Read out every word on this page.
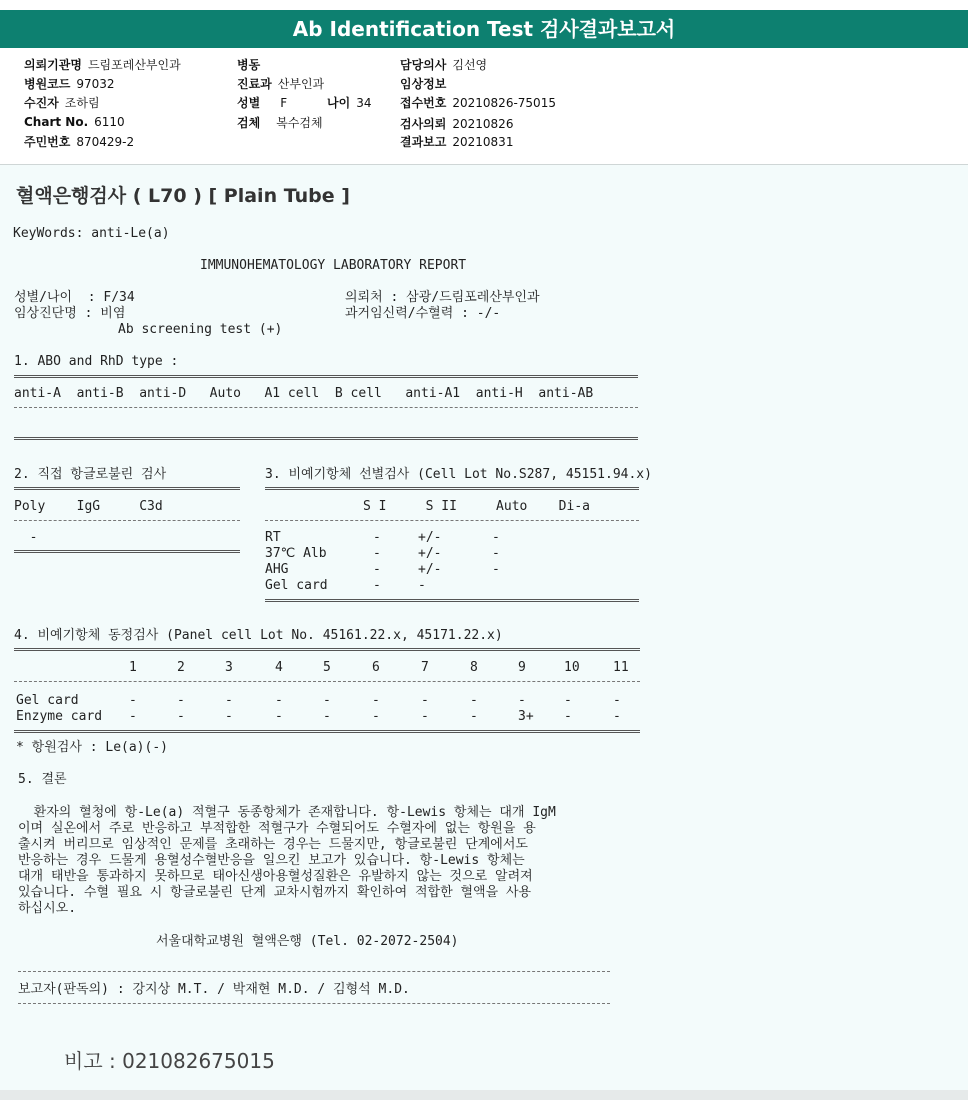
Ab Identification Test 검사결과보고서
의뢰기관명 드림포레산부인과
병원코드 97032
수진자 조하림
Chart No. 6110
주민번호 870429-2
병동
진료과 산부인과
성별 F	나이 34
검체 복수검체
담당의사 김선영
임상정보
접수번호 20210826-75015
검사의뢰 20210826
결과보고 20210831
혈액은행검사 ( L70 ) [ Plain Tube ]
KeyWords: anti-Le(a)
IMMUNOHEMATOLOGY LABORATORY REPORT
성별/나이  : F/34	의뢰처 : 삼광/드림포레산부인과
임상진단명 : 비염	과거임신력/수혈력 : -/-
Ab screening test (+)
1. ABO and RhD type :
anti-A  anti-B  anti-D   Auto   A1 cell  B cell   anti-A1  anti-H  anti-AB
2. 직접 항글로불린 검사
Poly    IgG     C3d
-
3. 비예기항체 선별검사 (Cell Lot No.S287, 45151.94.x)
S I     S II     Auto    Di-a
RT	-	+/-	-
37℃ Alb	-	+/-	-
AHG	-	+/-	-
Gel card	-	-
4. 비예기항체 동정검사 (Panel cell Lot No. 45161.22.x, 45171.22.x)
1	2	3	4	5	6	7	8	9	10	11
Gel card	-	-	-	-	-	-	-	-	-	-	-
Enzyme card -	-	-	-	-	-	-	-	3+ -	-
* 항원검사 : Le(a)(-)
5. 결론
환자의 혈청에 항-Le(a) 적혈구 동종항체가 존재합니다. 항-Lewis 항체는 대개 IgM
이며 실온에서 주로 반응하고 부적합한 적혈구가 수혈되어도 수혈자에 없는 항원을 용
출시켜 버리므로 임상적인 문제를 초래하는 경우는 드물지만, 항글로불린 단계에서도
반응하는 경우 드물게 용혈성수혈반응을 일으킨 보고가 있습니다. 항-Lewis 항체는
대개 태반을 통과하지 못하므로 태아신생아용혈성질환은 유발하지 않는 것으로 알려져
있습니다. 수혈 필요 시 항글로불린 단계 교차시험까지 확인하여 적합한 혈액을 사용
하십시오.
서울대학교병원 혈액은행 (Tel. 02-2072-2504)
보고자(판독의) : 강지상 M.T. / 박재현 M.D. / 김형석 M.D.
비고 : 021082675015
